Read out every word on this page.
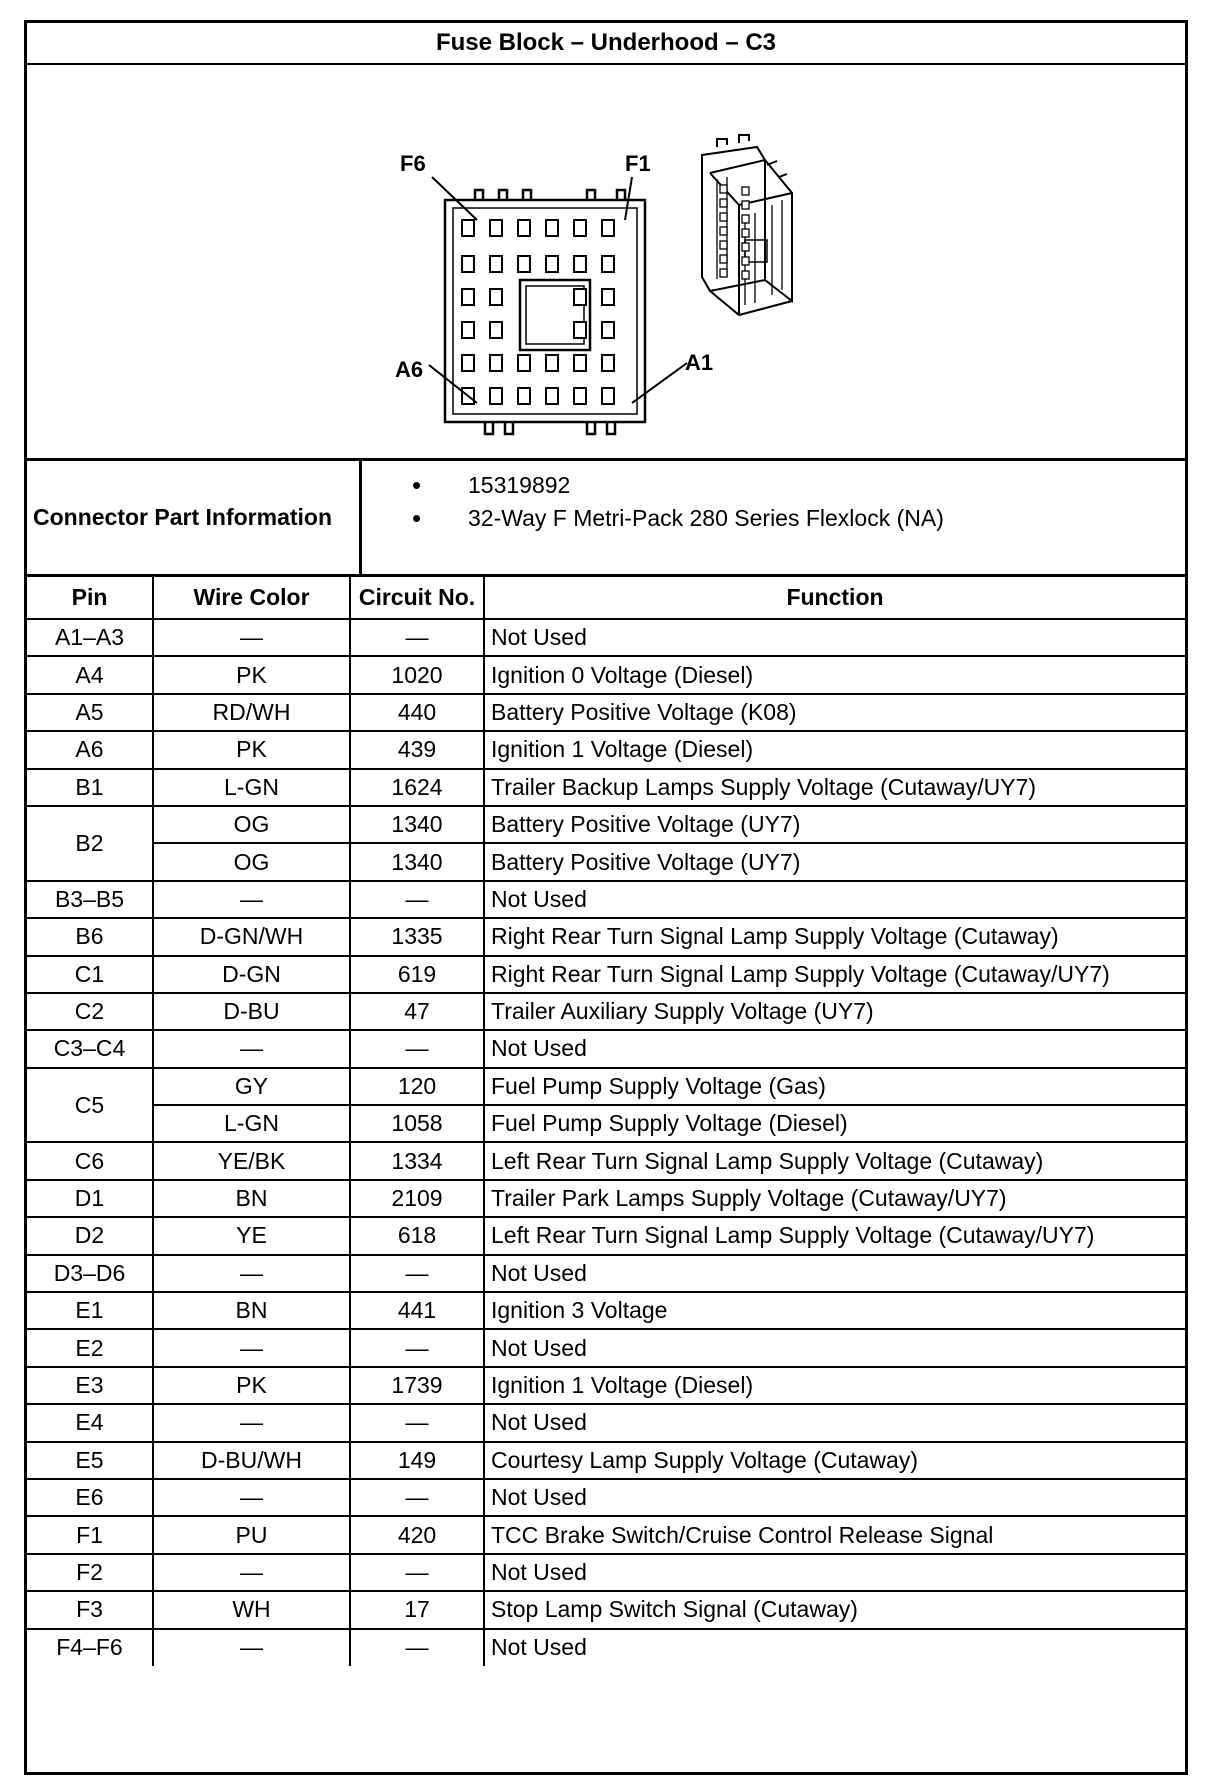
Fuse Block – Underhood – C3
F6	F1
A6	A1
Connector Part Information
• 15319892
• 32-Way F Metri-Pack 280 Series Flexlock (NA)
Pin	Wire Color	Circuit No.	Function
A1–A3	—	—	Not Used
A4	PK	1020	Ignition 0 Voltage (Diesel)
A5	RD/WH	440	Battery Positive Voltage (K08)
A6	PK	439	Ignition 1 Voltage (Diesel)
B1	L-GN	1624	Trailer Backup Lamps Supply Voltage (Cutaway/UY7)
B2	OG	1340	Battery Positive Voltage (UY7)
	OG	1340	Battery Positive Voltage (UY7)
B3–B5	—	—	Not Used
B6	D-GN/WH	1335	Right Rear Turn Signal Lamp Supply Voltage (Cutaway)
C1	D-GN	619	Right Rear Turn Signal Lamp Supply Voltage (Cutaway/UY7)
C2	D-BU	47	Trailer Auxiliary Supply Voltage (UY7)
C3–C4	—	—	Not Used
C5	GY	120	Fuel Pump Supply Voltage (Gas)
	L-GN	1058	Fuel Pump Supply Voltage (Diesel)
C6	YE/BK	1334	Left Rear Turn Signal Lamp Supply Voltage (Cutaway)
D1	BN	2109	Trailer Park Lamps Supply Voltage (Cutaway/UY7)
D2	YE	618	Left Rear Turn Signal Lamp Supply Voltage (Cutaway/UY7)
D3–D6	—	—	Not Used
E1	BN	441	Ignition 3 Voltage
E2	—	—	Not Used
E3	PK	1739	Ignition 1 Voltage (Diesel)
E4	—	—	Not Used
E5	D-BU/WH	149	Courtesy Lamp Supply Voltage (Cutaway)
E6	—	—	Not Used
F1	PU	420	TCC Brake Switch/Cruise Control Release Signal
F2	—	—	Not Used
F3	WH	17	Stop Lamp Switch Signal (Cutaway)
F4–F6	—	—	Not Used
